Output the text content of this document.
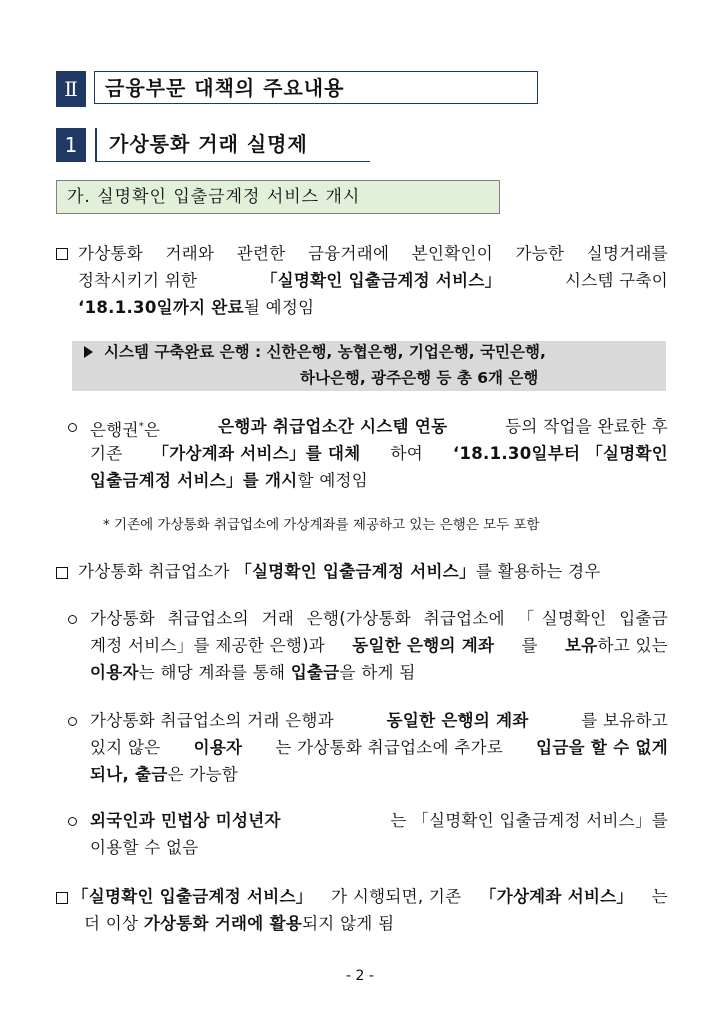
Ⅱ	금융부문 대책의 주요내용
1	가상통화 거래 실명제
가. 실명확인 입출금계정 서비스 개시
가상통화 거래와 관련한 금융거래에 본인확인이 가능한 실명거래를
정착시키기 위한	「실명확인 입출금계정 서비스」	시스템 구축이
‘18.1.30일까지 완료될 예정임
시스템 구축완료 은행 : 신한은행, 농협은행, 기업은행, 국민은행,
하나은행, 광주은행 등 총 6개 은행
은행권*은	은행과 취급업소간 시스템 연동	등의 작업을 완료한 후
기존 「가상계좌 서비스」를 대체 하여 ‘18.1.30일부터 「실명확인
입출금계정 서비스」를 개시할 예정임
* 기존에 가상통화 취급업소에 가상계좌를 제공하고 있는 은행은 모두 포함
가상통화 취급업소가 「실명확인 입출금계정 서비스」를 활용하는 경우
가상통화 취급업소의 거래 은행(가상통화 취급업소에 「실명확인 입출금
계정 서비스」를 제공한 은행)과 동일한 은행의 계좌 를 보유하고 있는
이용자는 해당 계좌를 통해 입출금을 하게 됨
가상통화 취급업소의 거래 은행과	동일한 은행의 계좌	를 보유하고
있지 않은 이용자 는 가상통화 취급업소에 추가로 입금을 할 수 없게
되나, 출금은 가능함
외국인과 민법상 미성년자	는 「실명확인 입출금계정 서비스」를
이용할 수 없음
「실명확인 입출금계정 서비스」 가 시행되면, 기존 「가상계좌 서비스」 는
더 이상 가상통화 거래에 활용되지 않게 됨
- 2 -
